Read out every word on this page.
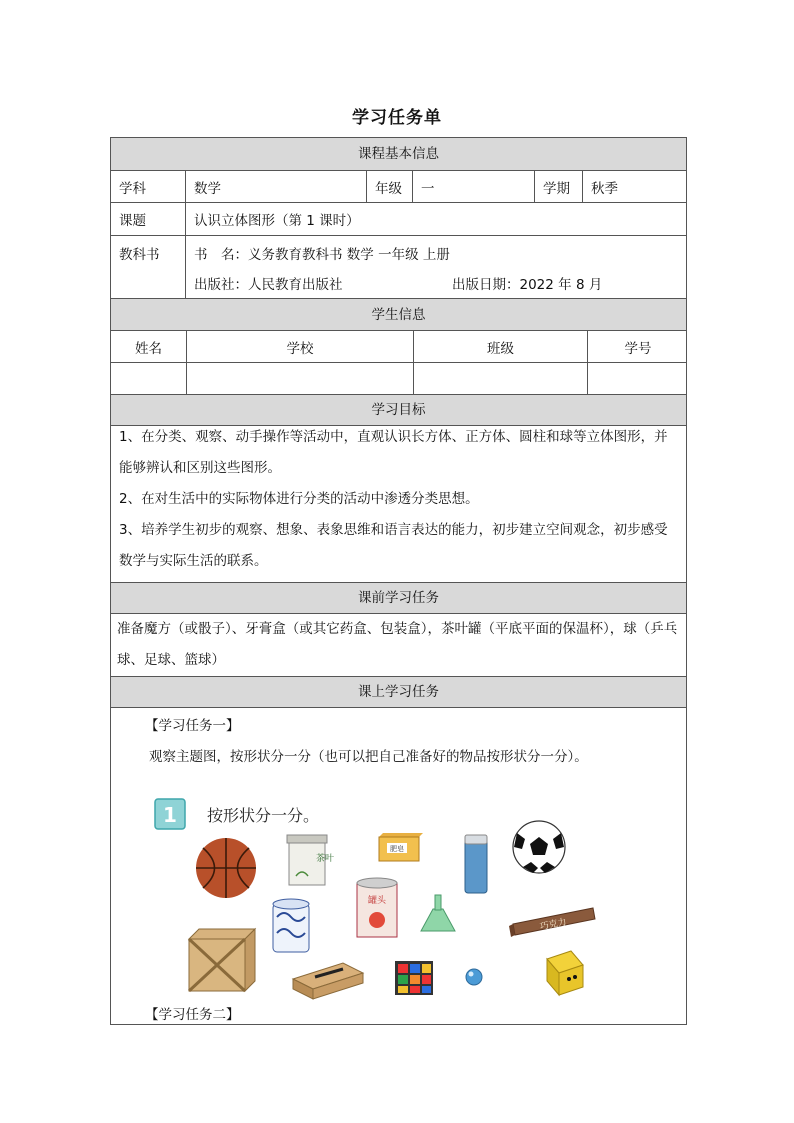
学习任务单
课程基本信息
学科	数学	年级	一	学期	秋季
课题	认识立体图形（第 1 课时）
教科书	书　名：义务教育教科书 数学 一年级 上册
出版社：人民教育出版社	出版日期：2022 年 8 月
学生信息
姓名	学校	班级	学号
学习目标
1、在分类、观察、动手操作等活动中，直观认识长方体、正方体、圆柱和球等立体图形，并能够辨认和区别这些图形。
2、在对生活中的实际物体进行分类的活动中渗透分类思想。
3、培养学生初步的观察、想象、表象思维和语言表达的能力，初步建立空间观念，初步感受数学与实际生活的联系。
课前学习任务
准备魔方（或骰子）、牙膏盒（或其它药盒、包装盒），茶叶罐（平底平面的保温杯），球（乒乓球、足球、篮球）
课上学习任务
【学习任务一】
观察主题图，按形状分一分（也可以把自己准备好的物品按形状分一分）。
1 按形状分一分。
茶叶
肥皂
巧克力
罐头
【学习任务二】
